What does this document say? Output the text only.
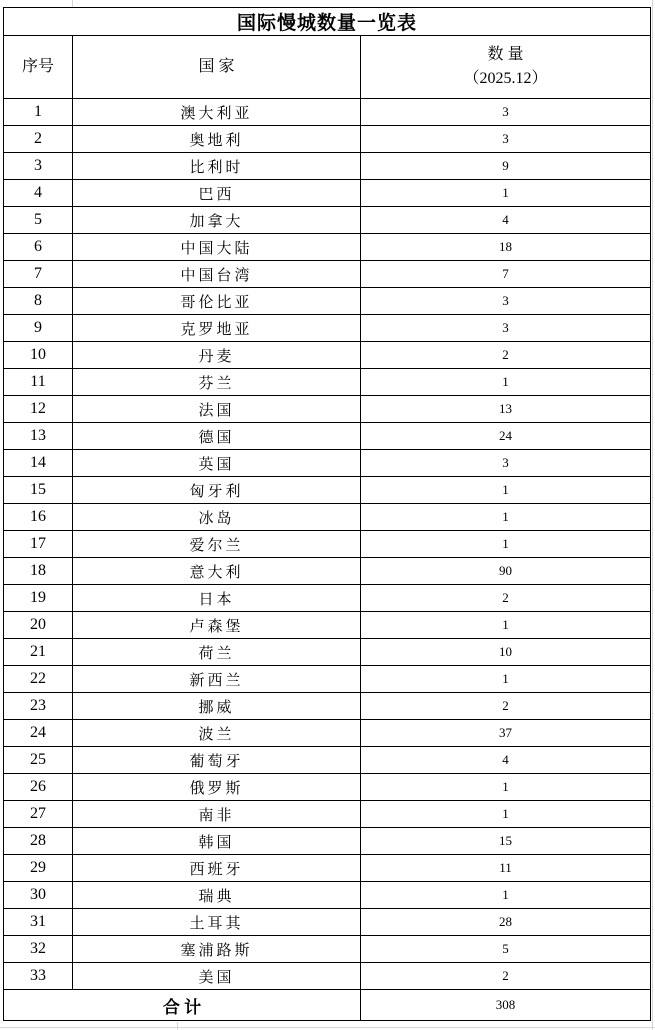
国际慢城数量一览表		
序号	国 家	数 量
（2025.12）

1	澳大利亚	3
2	奥地利	3
3	比利时	9
4	巴西	1
5	加拿大	4
6	中国大陆	18
7	中国台湾	7
8	哥伦比亚	3
9	克罗地亚	3
10	丹麦	2
11	芬兰	1
12	法国	13
13	德国	24
14	英国	3
15	匈牙利	1
16	冰岛	1
17	爱尔兰	1
18	意大利	90
19	日本	2
20	卢森堡	1
21	荷兰	10
22	新西兰	1
23	挪威	2
24	波兰	37
25	葡萄牙	4
26	俄罗斯	1
27	南非	1
28	韩国	15
29	西班牙	11
30	瑞典	1
31	土耳其	28
32	塞浦路斯	5
33	美国	2
合 计		308
